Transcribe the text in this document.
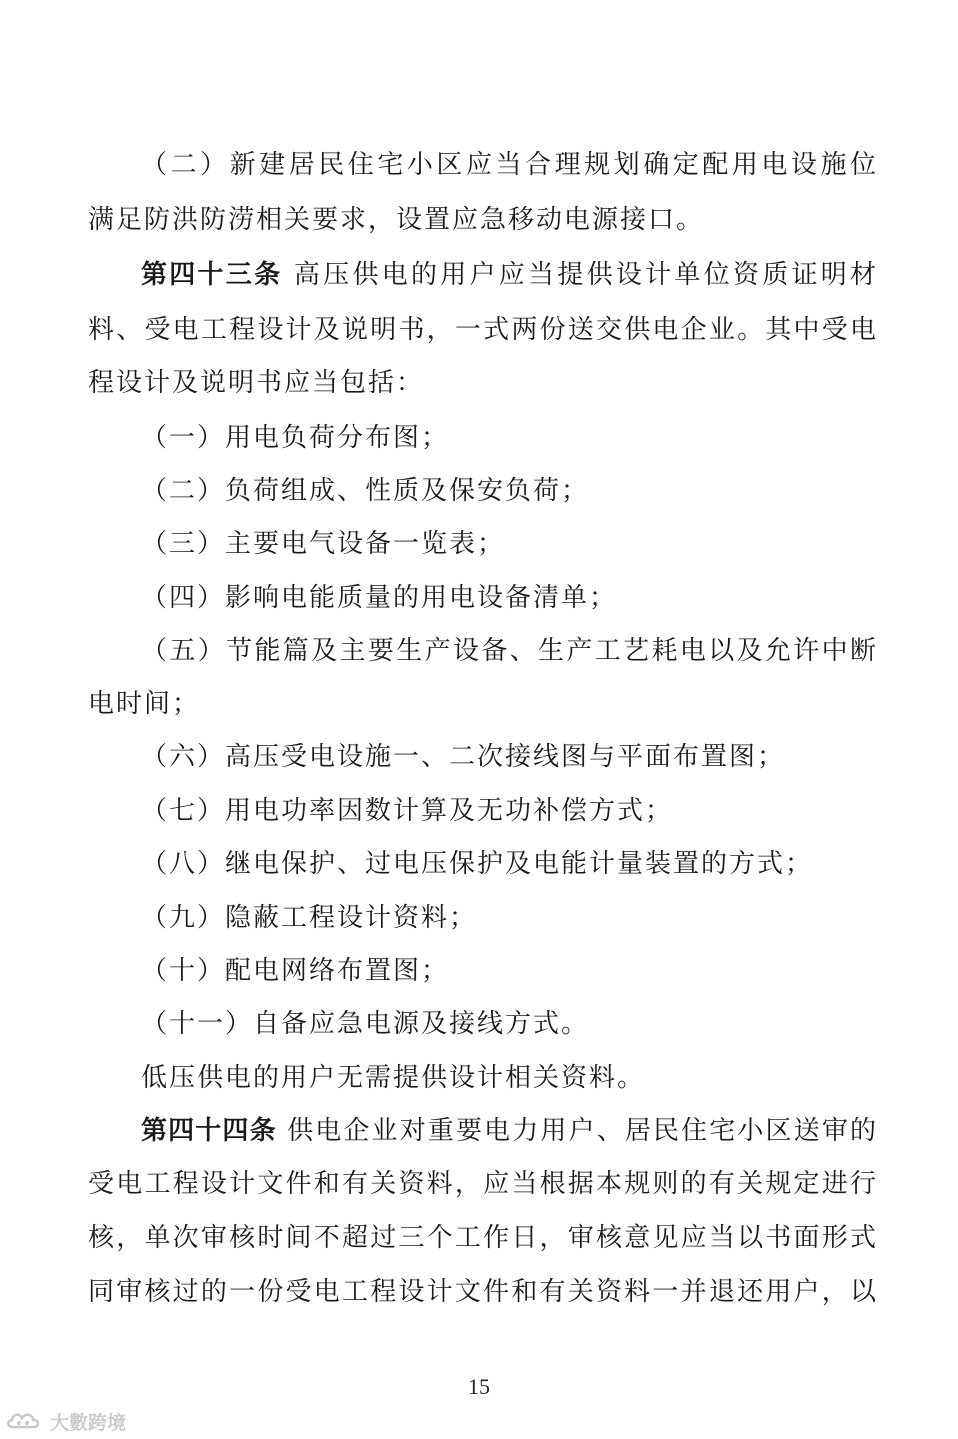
15
大數跨境
（二）新建居民住宅小区应当合理规划确定配用电设施位
满足防洪防涝相关要求，设置应急移动电源接口。
第四十三条 高压供电的用户应当提供设计单位资质证明材
料、受电工程设计及说明书，一式两份送交供电企业。其中受电
程设计及说明书应当包括：
（一）用电负荷分布图；
（二）负荷组成、性质及保安负荷；
（三）主要电气设备一览表；
（四）影响电能质量的用电设备清单；
（五）节能篇及主要生产设备、生产工艺耗电以及允许中断
电时间；
（六）高压受电设施一、二次接线图与平面布置图；
（七）用电功率因数计算及无功补偿方式；
（八）继电保护、过电压保护及电能计量装置的方式；
（九）隐蔽工程设计资料；
（十）配电网络布置图；
（十一）自备应急电源及接线方式。
低压供电的用户无需提供设计相关资料。
第四十四条 供电企业对重要电力用户、居民住宅小区送审的
受电工程设计文件和有关资料，应当根据本规则的有关规定进行
核，单次审核时间不超过三个工作日，审核意见应当以书面形式
同审核过的一份受电工程设计文件和有关资料一并退还用户，以
